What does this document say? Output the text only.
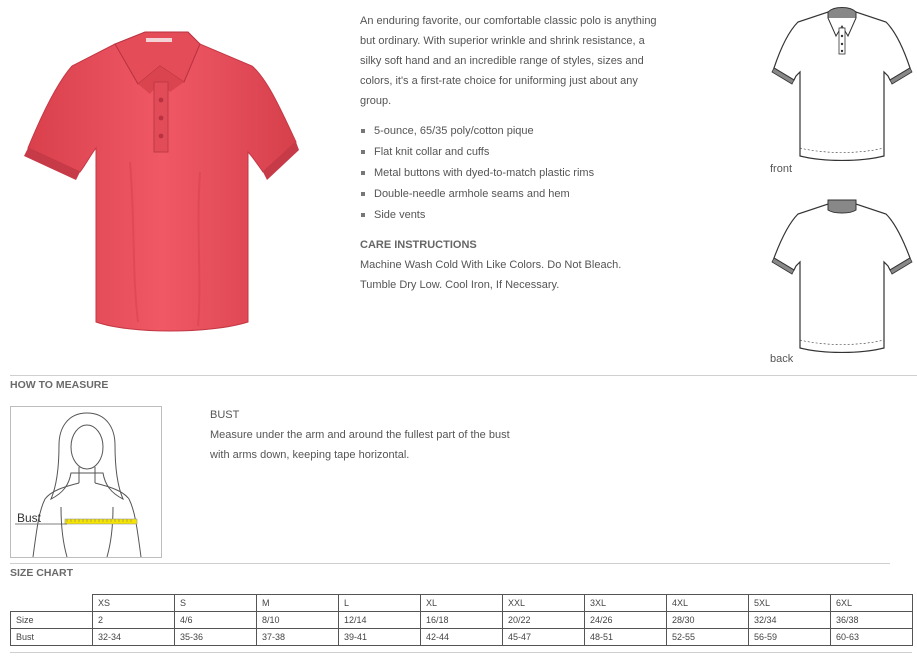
An enduring favorite, our comfortable classic polo is anything
but ordinary. With superior wrinkle and shrink resistance, a
silky soft hand and an incredible range of styles, sizes and
colors, it's a first-rate choice for uniforming just about any
group.
5-ounce, 65/35 poly/cotton pique
Flat knit collar and cuffs
Metal buttons with dyed-to-match plastic rims
Double-needle armhole seams and hem
Side vents
CARE INSTRUCTIONS
Machine Wash Cold With Like Colors. Do Not Bleach.
Tumble Dry Low. Cool Iron, If Necessary.
front
back
HOW TO MEASURE
Bust
BUST
Measure under the arm and around the fullest part of the bust
with arms down, keeping tape horizontal.
SIZE CHART
	XS	S	M	L	XL	XXL	3XL	4XL	5XL	6XL
Size	2	4/6	8/10	12/14	16/18	20/22	24/26	28/30	32/34	36/38
Bust	32-34	35-36	37-38	39-41	42-44	45-47	48-51	52-55	56-59	60-63
